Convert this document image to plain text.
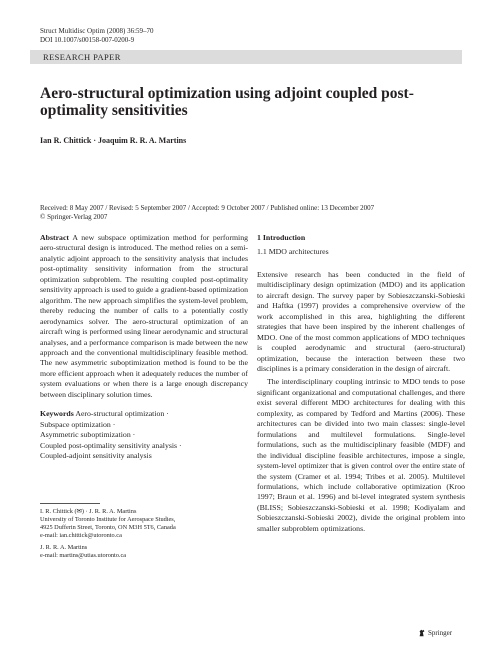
Struct Multidisc Optim (2008) 36:59–70
DOI 10.1007/s00158-007-0200-9
RESEARCH PAPER
Aero-structural optimization using adjoint coupled post-optimality sensitivities
Ian R. Chittick · Joaquim R. R. A. Martins
Received: 8 May 2007 / Revised: 5 September 2007 / Accepted: 9 October 2007 / Published online: 13 December 2007
© Springer-Verlag 2007

Abstract A new subspace optimization method for performing aero-structural design is introduced. The method relies on a semi-analytic adjoint approach to the sensitivity analysis that includes post-optimality sensitivity information from the structural optimization subproblem. The resulting coupled post-optimality sensitivity approach is used to guide a gradient-based optimization algorithm. The new approach simplifies the system-level problem, thereby reducing the number of calls to a potentially costly aerodynamics solver. The aero-structural optimization of an aircraft wing is performed using linear aerodynamic and structural analyses, and a performance comparison is made between the new approach and the conventional multidisciplinary feasible method. The new asymmetric suboptimization method is found to be the more efficient approach when it adequately reduces the number of system evaluations or when there is a large enough discrepancy between disciplinary solution times.

Keywords Aero-structural optimization ·
Subspace optimization ·
Asymmetric suboptimization ·
Coupled post-optimality sensitivity analysis ·
Coupled-adjoint sensitivity analysis
I. R. Chittick (✉) · J. R. R. A. Martins
University of Toronto Institute for Aerospace Studies,
4925 Dufferin Street, Toronto, ON M3H 5T6, Canada
e-mail: ian.chittick@utoronto.ca
J. R. R. A. Martins
e-mail: martins@utias.utoronto.ca

1 Introduction

1.1 MDO architectures

Extensive research has been conducted in the field of multidisciplinary design optimization (MDO) and its application to aircraft design. The survey paper by Sobieszczanski-Sobieski and Haftka (1997) provides a comprehensive overview of the work accomplished in this area, highlighting the different strategies that have been inspired by the inherent challenges of MDO. One of the most common applications of MDO techniques is coupled aerodynamic and structural (aero-structural) optimization, because the interaction between these two disciplines is a primary consideration in the design of aircraft.

The interdisciplinary coupling intrinsic to MDO tends to pose significant organizational and computational challenges, and there exist several different MDO architectures for dealing with this complexity, as compared by Tedford and Martins (2006). These architectures can be divided into two main classes: single-level formulations and multilevel formulations. Single-level formulations, such as the multidisciplinary feasible (MDF) and the individual discipline feasible architectures, impose a single, system-level optimizer that is given control over the entire state of the system (Cramer et al. 1994; Tribes et al. 2005). Multilevel formulations, which include collaborative optimization (Kroo 1997; Braun et al. 1996) and bi-level integrated system synthesis (BLISS; Sobieszczanski-Sobieski et al. 1998; Kodiyalam and Sobieszczanski-Sobieski 2002), divide the original problem into smaller subproblem optimizations.

Springer
